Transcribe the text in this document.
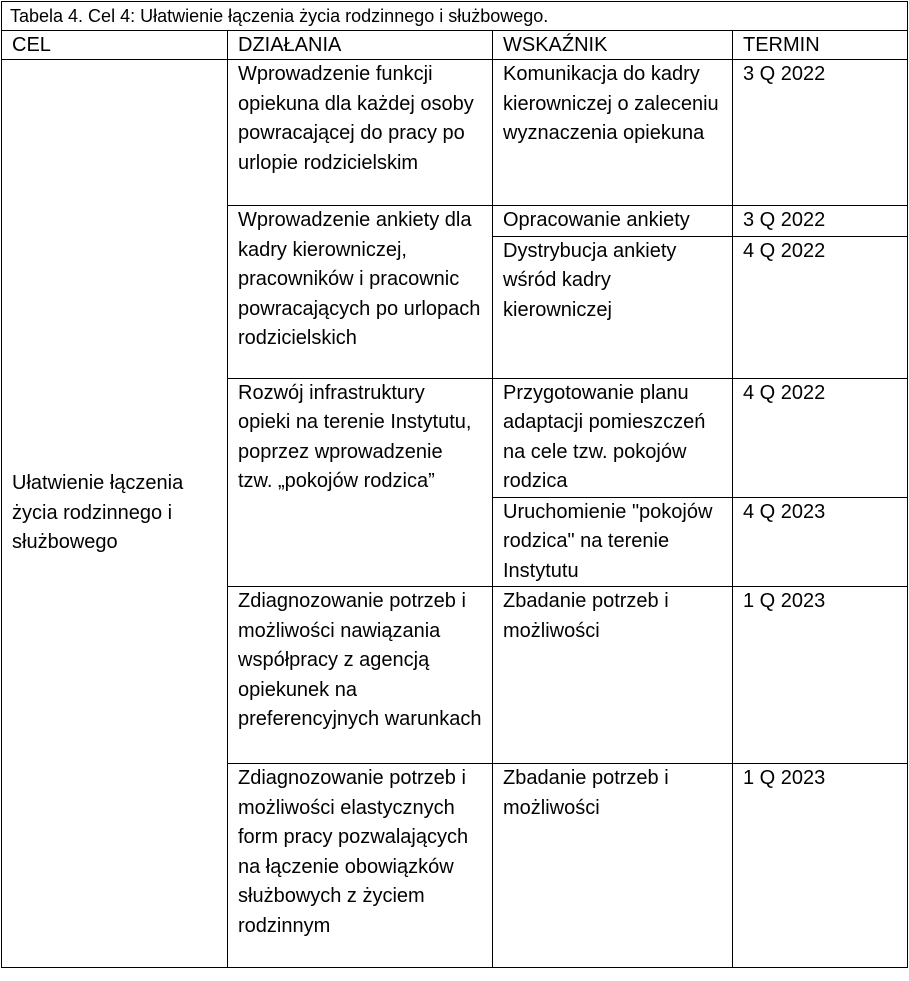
Tabela 4. Cel 4: Ułatwienie łączenia życia rodzinnego i służbowego.			
CEL	DZIAŁANIA	WSKAŹNIK	TERMIN
Ułatwienie łączenia życia rodzinnego i służbowego	Wprowadzenie funkcji opiekuna dla każdej osoby powracającej do pracy po urlopie rodzicielskim	Komunikacja do kadry kierowniczej o zaleceniu wyznaczenia opiekuna	3 Q 2022
	Wprowadzenie ankiety dla kadry kierowniczej, pracowników i pracownic powracających po urlopach rodzicielskich	Opracowanie ankiety	3 Q 2022
		Dystrybucja ankiety wśród kadry kierowniczej	4 Q 2022
	Rozwój infrastruktury opieki na terenie Instytutu, poprzez wprowadzenie tzw. „pokojów rodzica”	Przygotowanie planu adaptacji pomieszczeń na cele tzw. pokojów rodzica	4 Q 2022
		Uruchomienie "pokojów rodzica" na terenie Instytutu	4 Q 2023
	Zdiagnozowanie potrzeb i możliwości nawiązania współpracy z agencją opiekunek na preferencyjnych warunkach	Zbadanie potrzeb i możliwości	1 Q 2023
	Zdiagnozowanie potrzeb i możliwości elastycznych form pracy pozwalających na łączenie obowiązków służbowych z życiem rodzinnym	Zbadanie potrzeb i możliwości	1 Q 2023
